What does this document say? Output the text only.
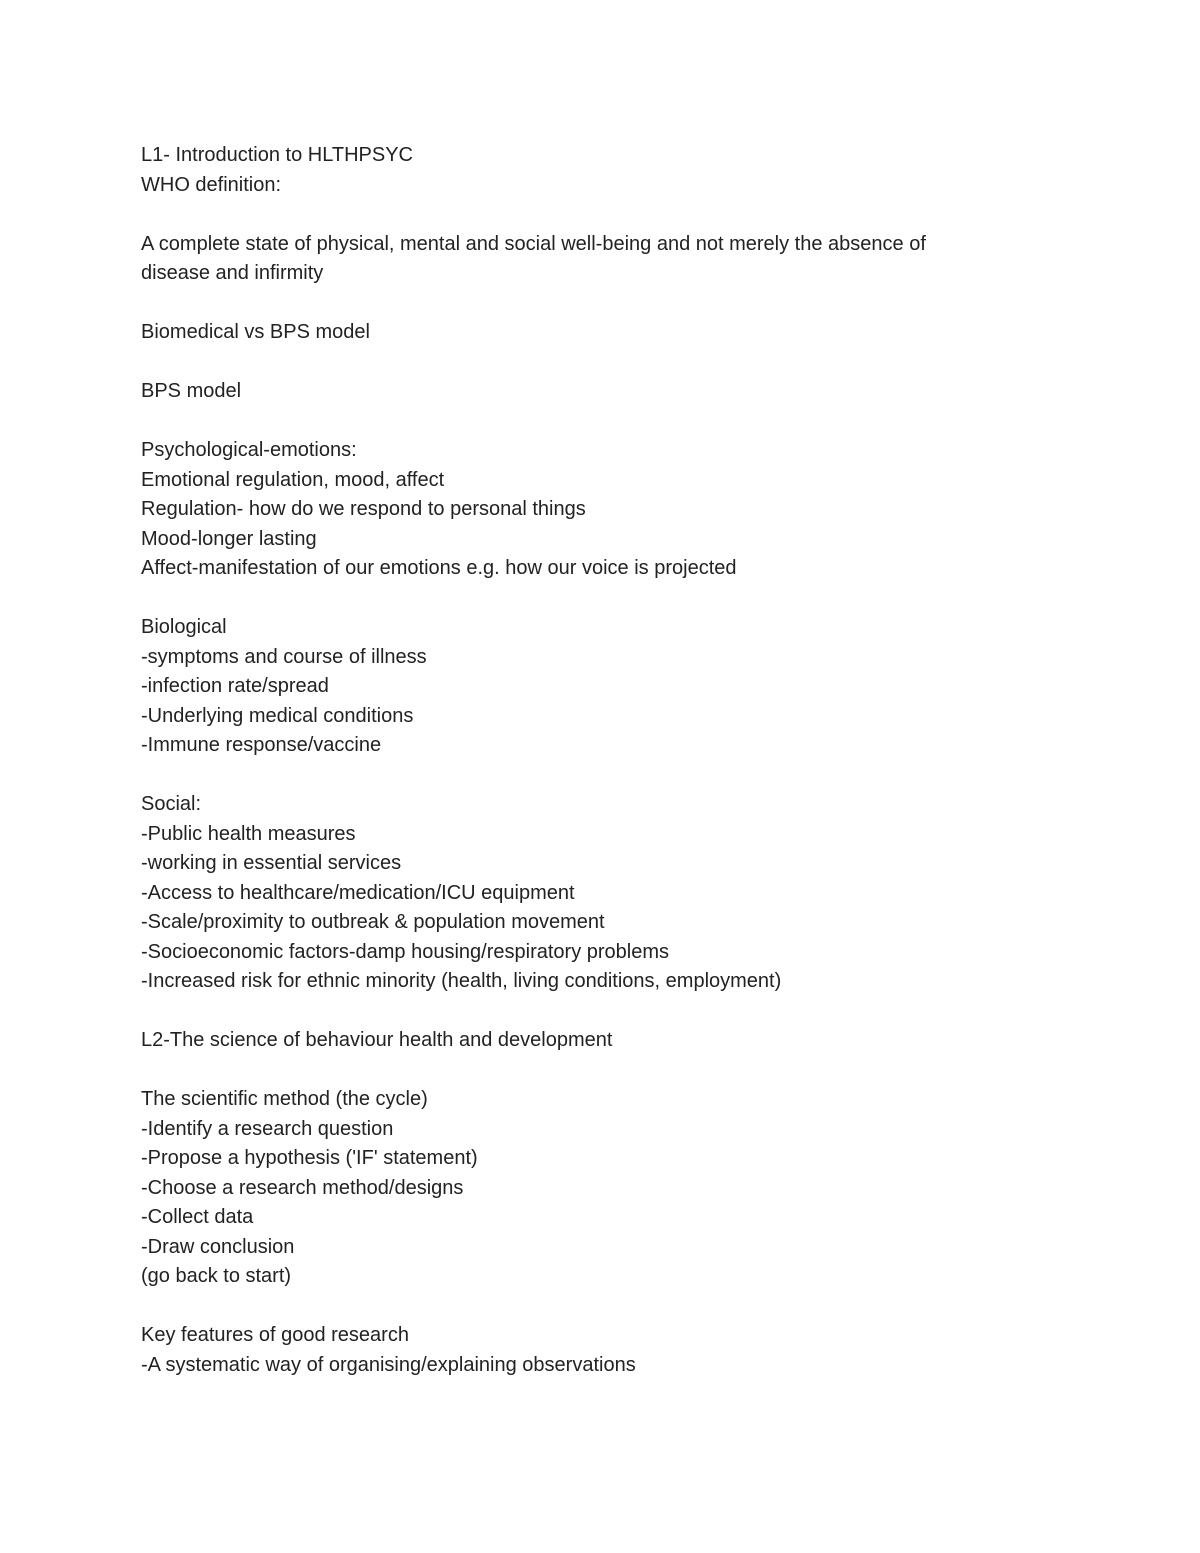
L1- Introduction to HLTHPSYC
WHO definition:
A complete state of physical, mental and social well-being and not merely the absence of
disease and infirmity
Biomedical vs BPS model
BPS model
Psychological-emotions:
Emotional regulation, mood, affect
Regulation- how do we respond to personal things
Mood-longer lasting
Affect-manifestation of our emotions e.g. how our voice is projected
Biological
-symptoms and course of illness
-infection rate/spread
-Underlying medical conditions
-Immune response/vaccine
Social:
-Public health measures
-working in essential services
-Access to healthcare/medication/ICU equipment
-Scale/proximity to outbreak & population movement
-Socioeconomic factors-damp housing/respiratory problems
-Increased risk for ethnic minority (health, living conditions, employment)
L2-The science of behaviour health and development
The scientific method (the cycle)
-Identify a research question
-Propose a hypothesis ('IF' statement)
-Choose a research method/designs
-Collect data
-Draw conclusion
(go back to start)
Key features of good research
-A systematic way of organising/explaining observations
